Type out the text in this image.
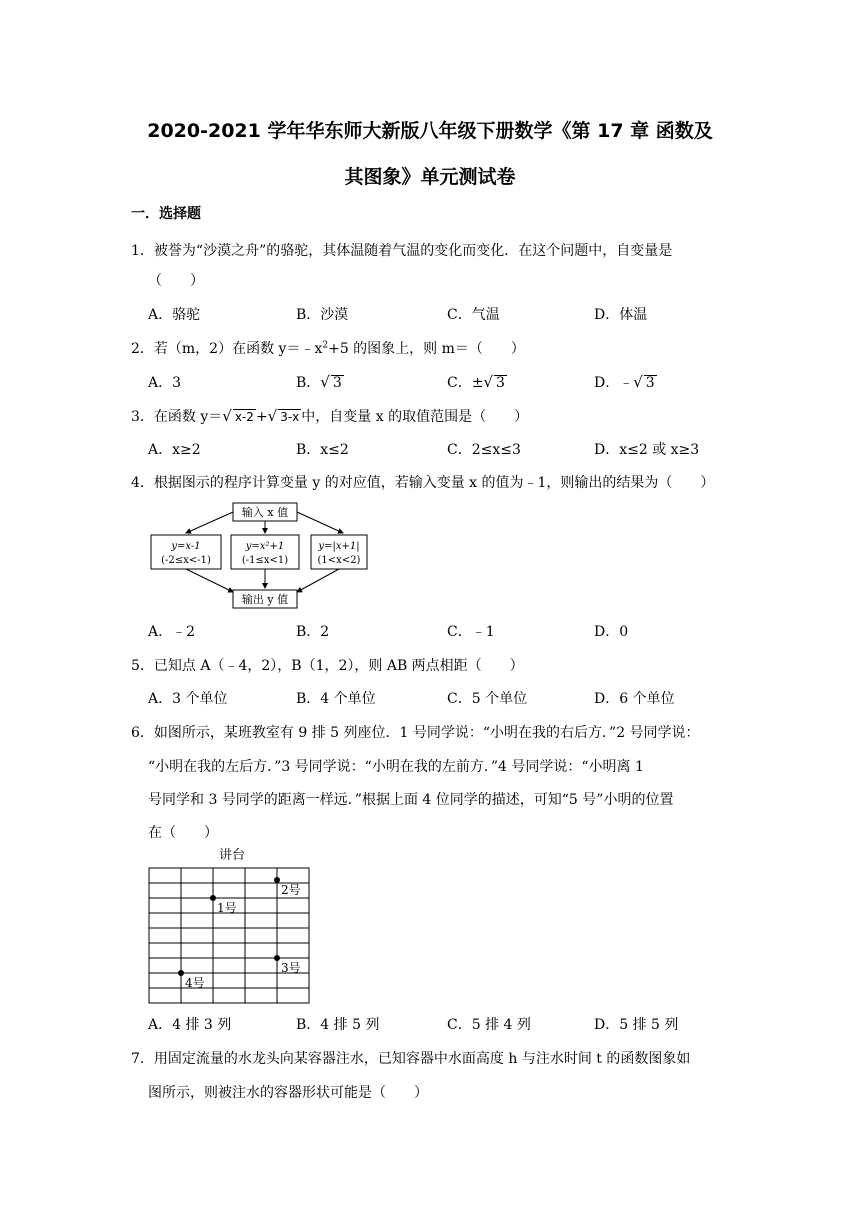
2020-2021 学年华东师大新版八年级下册数学《第 17 章 函数及
其图象》单元测试卷
一．选择题
1．被誉为“沙漠之舟”的骆驼，其体温随着气温的变化而变化．在这个问题中，自变量是
（　　）
A．骆驼	B．沙漠	C．气温	D．体温
2．若（m，2）在函数 $y=﹣x^2+5$ 的图象上，则 m＝（　　）
A．3	B．√ 3	C．±√ 3	D．﹣√ 3
3．在函数 y＝√ x-2 +√ 3-x 中，自变量 x 的取值范围是（　　）
A．x≥2	B．x≤2	C．2≤x≤3	D．x≤2 或 x≥3
4．根据图示的程序计算变量 y 的对应值，若输入变量 x 的值为﹣1，则输出的结果为（　　）
输入 x 值
y=x-1
(-2≤x<-1)
y=x²+1
(-1≤x<1)
y=|x+1|
(1<x<2)
输出 y 值
A．﹣2	B．2	C．﹣1	D．0
5．已知点 A（﹣4，2），B（1，2），则 AB 两点相距（　　）
A．3 个单位	B．4 个单位	C．5 个单位	D．6 个单位
6．如图所示，某班教室有 9 排 5 列座位．1 号同学说：“小明在我的右后方．”2 号同学说：
“小明在我的左后方．”3 号同学说：“小明在我的左前方．”4 号同学说：“小明离 1
号同学和 3 号同学的距离一样远．”根据上面 4 位同学的描述，可知“5 号”小明的位置
在（　　）
讲台
1号
2号
3号
4号
A．4 排 3 列	B．4 排 5 列	C．5 排 4 列	D．5 排 5 列
7．用固定流量的水龙头向某容器注水，已知容器中水面高度 h 与注水时间 t 的函数图象如
图所示，则被注水的容器形状可能是（　　）
